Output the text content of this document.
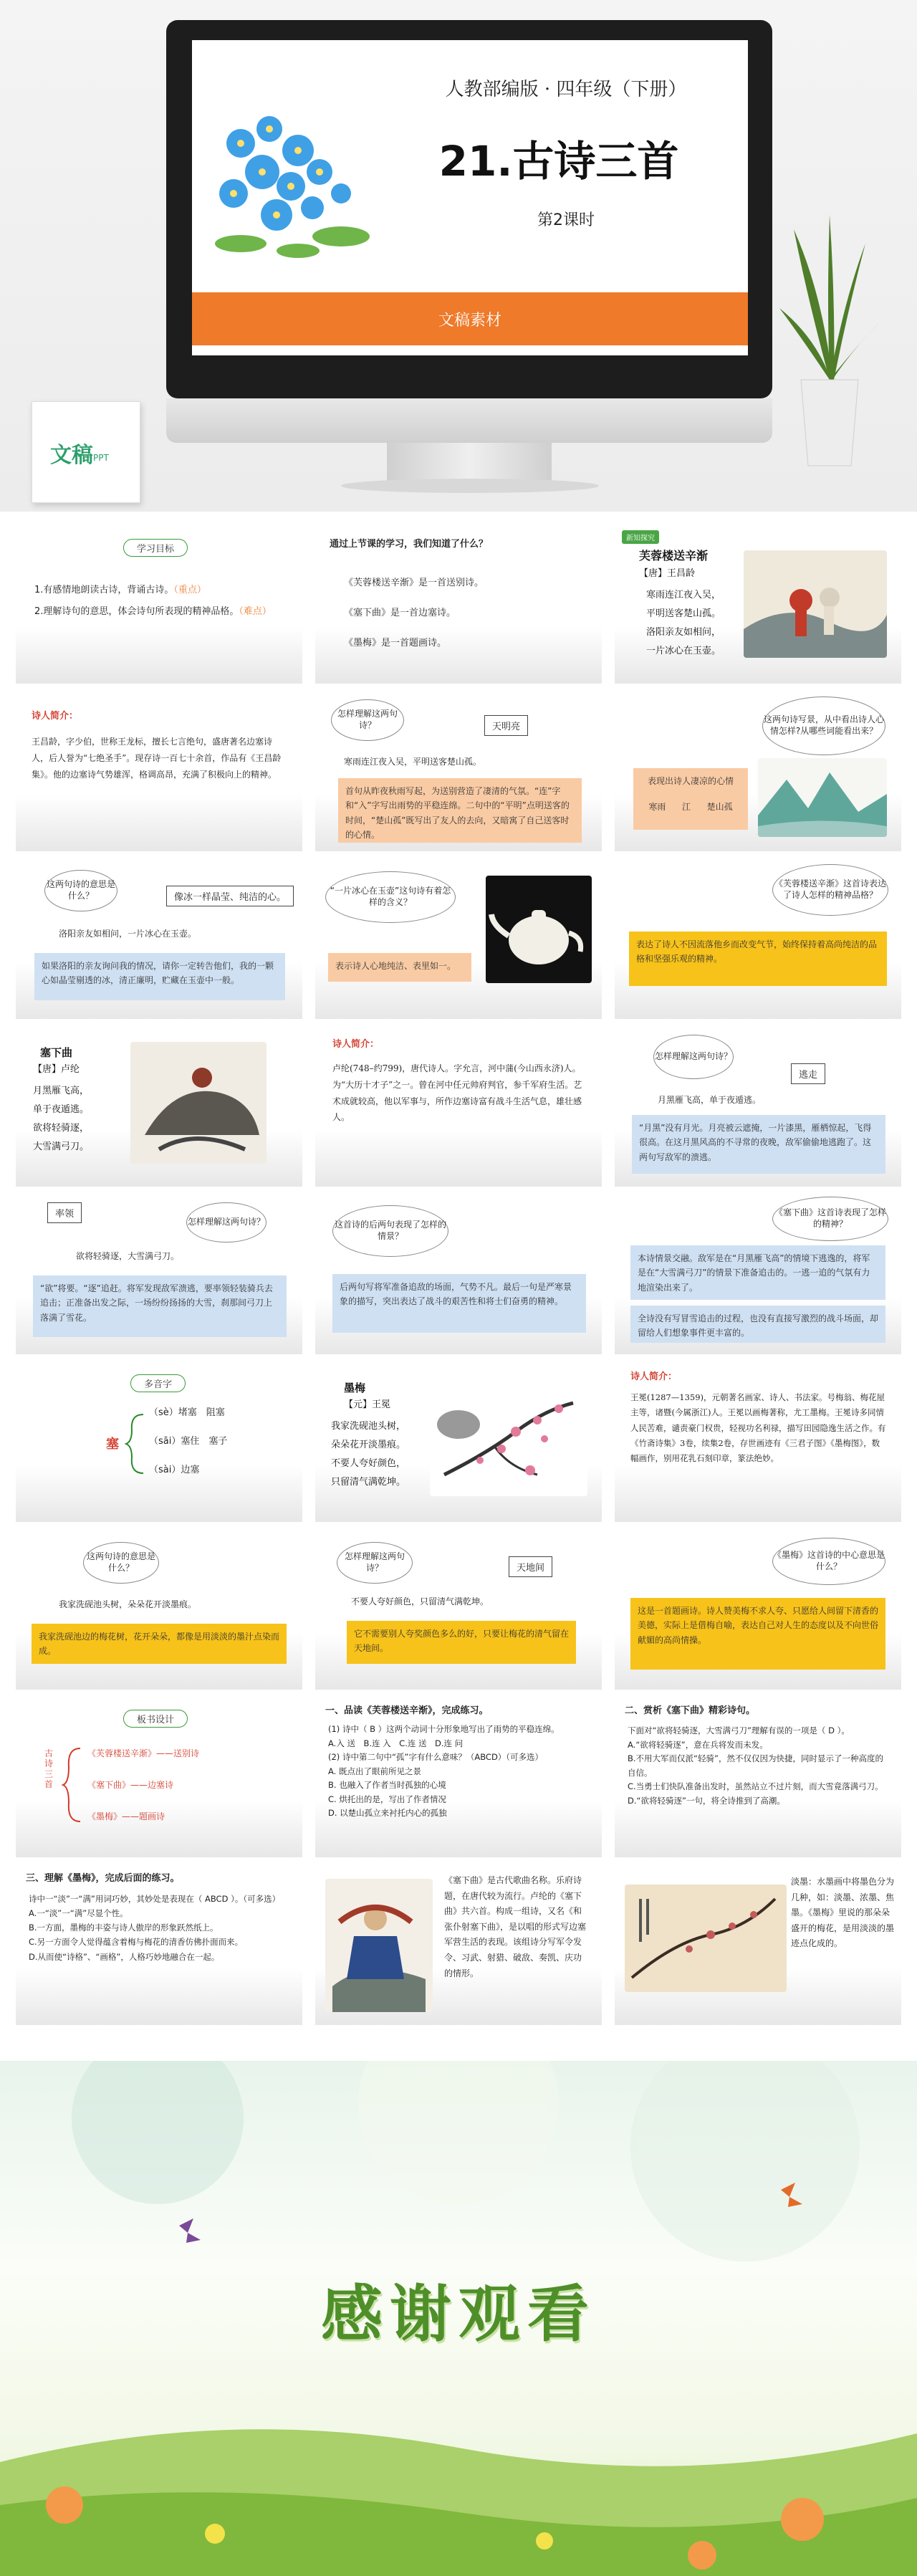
人教部编版 · 四年级（下册）
21.古诗三首
第2课时
文稿素材
文稿 PPT
学习目标
1.有感情地朗读古诗，背诵古诗。（重点）
2.理解诗句的意思，体会诗句所表现的精神品格。（难点）
通过上节课的学习，我们知道了什么？
《芙蓉楼送辛渐》是一首送别诗。
《塞下曲》是一首边塞诗。
《墨梅》是一首题画诗。
新知探究
芙蓉楼送辛渐
【唐】王昌龄
寒雨连江夜入吴，
平明送客楚山孤。
洛阳亲友如相问，
一片冰心在玉壶。
诗人简介：
王昌龄，字少伯，世称王龙标，擅长七言绝句，盛唐著名边塞诗人，后人誉为“七绝圣手”。现存诗一百七十余首，作品有《王昌龄集》。他的边塞诗气势雄浑，格调高昂，充满了积极向上的精神。
怎样理解这两句诗？	天明亮
寒雨连江夜入吴，平明送客楚山孤。
首句从昨夜秋雨写起，为送别营造了凄清的气氛。“连”字和“入”字写出雨势的平稳连绵。二句中的“平明”点明送客的时间，“楚山孤”既写出了友人的去向，又暗寓了自己送客时的心情。
这两句诗写景，从中看出诗人心情怎样?从哪些词能看出来？
表现出诗人凄凉的心情
寒雨 江 楚山孤
这两句诗的意思是什么？	像冰一样晶莹、纯洁的心。
洛阳亲友如相问，一片冰心在玉壶。
如果洛阳的亲友询问我的情况，请你一定转告他们，我的一颗心如晶莹剔透的冰，清正廉明，贮藏在玉壶中一般。
“一片冰心在玉壶”这句诗有着怎样的含义？
表示诗人心地纯洁、表里如一。
《芙蓉楼送辛渐》这首诗表达了诗人怎样的精神品格？
表达了诗人不因流落他乡而改变气节，始终保持着高尚纯洁的品格和坚强乐观的精神。
塞下曲
【唐】卢纶
月黑雁飞高，
单于夜遁逃。
欲将轻骑逐，
大雪满弓刀。
诗人简介：
卢纶(748–约799)，唐代诗人。字允言，河中蒲(今山西永济)人。为“大历十才子”之一。曾在河中任元帅府判官，参千军府生活。艺术成就较高，他以军事与，所作边塞诗富有战斗生活气息，雄壮感人。
怎样理解这两句诗？
逃走
月黑雁飞高，单于夜遁逃。
“月黑”没有月光。月亮被云遮掩，一片漆黑，雁栖惊起，飞得很高。在这月黑风高的不寻常的夜晚，敌军偷偷地逃跑了。这两句写敌军的溃逃。
率领
怎样理解这两句诗？
欲将轻骑逐，大雪满弓刀。
“欲”将要。“逐”追赶。将军发现敌军溃逃，要率领轻装骑兵去追击；正准备出发之际，一场纷纷扬扬的大雪，刹那间弓刀上落满了雪花。
这首诗的后两句表现了怎样的情景？
后两句写将军准备追敌的场面，气势不凡。最后一句是严寒景象的描写，突出表达了战斗的艰苦性和将士们奋勇的精神。
《塞下曲》这首诗表现了怎样的精神？
本诗情景交融。敌军是在“月黑雁飞高”的情境下逃逸的，将军是在“大雪满弓刀”的情景下准备追击的。一逃一追的气氛有力地渲染出来了。
全诗没有写冒雪追击的过程，也没有直接写激烈的战斗场面，却留给人们想象事件更丰富的。
多音字
塞
（sè）堵塞　阻塞
（sāi）塞住　塞子
（sài）边塞
墨梅
【元】王冕
我家洗砚池头树，
朵朵花开淡墨痕。
不要人夸好颜色，
只留清气满乾坤。
诗人简介：
王冕(1287—1359)，元朝著名画家、诗人、书法家。号梅翁、梅花屋主等，诸暨(今属浙江)人。王冕以画梅著称，尤工墨梅。王冕诗多同情人民苦难，谴责豪门权贵，轻视功名利禄，描写田园隐逸生活之作。有《竹斋诗集》3卷，续集2卷，存世画迹有《三君子图》《墨梅图》，数幅画作，别用花乳石刻印章，篆法绝妙。
这两句诗的意思是什么？
我家洗砚池头树，朵朵花开淡墨痕。
我家洗砚池边的梅花树，花开朵朵，都像是用淡淡的墨汁点染而成。
怎样理解这两句诗？	天地间
不要人夸好颜色，只留清气满乾坤。
它不需要别人夸奖颜色多么的好，只要让梅花的清气留在天地间。
《墨梅》这首诗的中心意思是什么？
这是一首题画诗。诗人赞美梅不求人夸、只愿给人间留下清香的美德，实际上是借梅自喻，表达自己对人生的态度以及不向世俗献媚的高尚情操。
板书设计
古诗三首
《芙蓉楼送辛渐》——送别诗
《塞下曲》——边塞诗
《墨梅》——题画诗
一、品读《芙蓉楼送辛渐》，完成练习。
(1) 诗中（ B ）这两个动词十分形象地写出了雨势的平稳连绵。
A.入 送　B.连 入　C.连 送　D.连 问
(2) 诗中第二句中“孤”字有什么意味？（ABCD）（可多选）
A. 既点出了眼前所见之景
B. 也融入了作者当时孤独的心境
C. 烘托出的是，写出了作者情况
D. 以楚山孤立来衬托内心的孤独
二、赏析《塞下曲》精彩诗句。
下面对“欲将轻骑逐，大雪满弓刀”理解有误的一项是（ D ）。
A.“欲将轻骑逐”，意在兵将发而未发。
B.不用大军而仅派“轻骑”，然不仅仅因为快捷，同时显示了一种高度的自信。
C.当勇士们快队准备出发时，虽然站立不过片刻，而大雪竟落满弓刀。
D.“欲将轻骑逐”一句，将全诗推到了高潮。
三、理解《墨梅》，完成后面的练习。
诗中一“淡”一“满”用词巧妙，其妙处是表现在（ ABCD ）。（可多选）
A.一“淡”一“满”尽显个性。
B.一方面，墨梅的丰姿与诗人傲岸的形象跃然纸上。
C.另一方面令人觉得蕴含着梅与梅花的清香仿佛扑面而来。
D.从而使“诗格”、“画格”，人格巧妙地融合在一起。
《塞下曲》是古代歌曲名称。乐府诗题，在唐代较为流行。卢纶的《塞下曲》共六首。构成一组诗，又名《和张仆射塞下曲》，是以唱的形式写边塞军营生活的表现。该组诗分写军令发令、习武、射猎、破敌、奏凯、庆功的情形。
淡墨：水墨画中将墨色分为几种，如：淡墨、浓墨、焦墨。《墨梅》里说的那朵朵盛开的梅花，是用淡淡的墨迹点化成的。
感谢观看
